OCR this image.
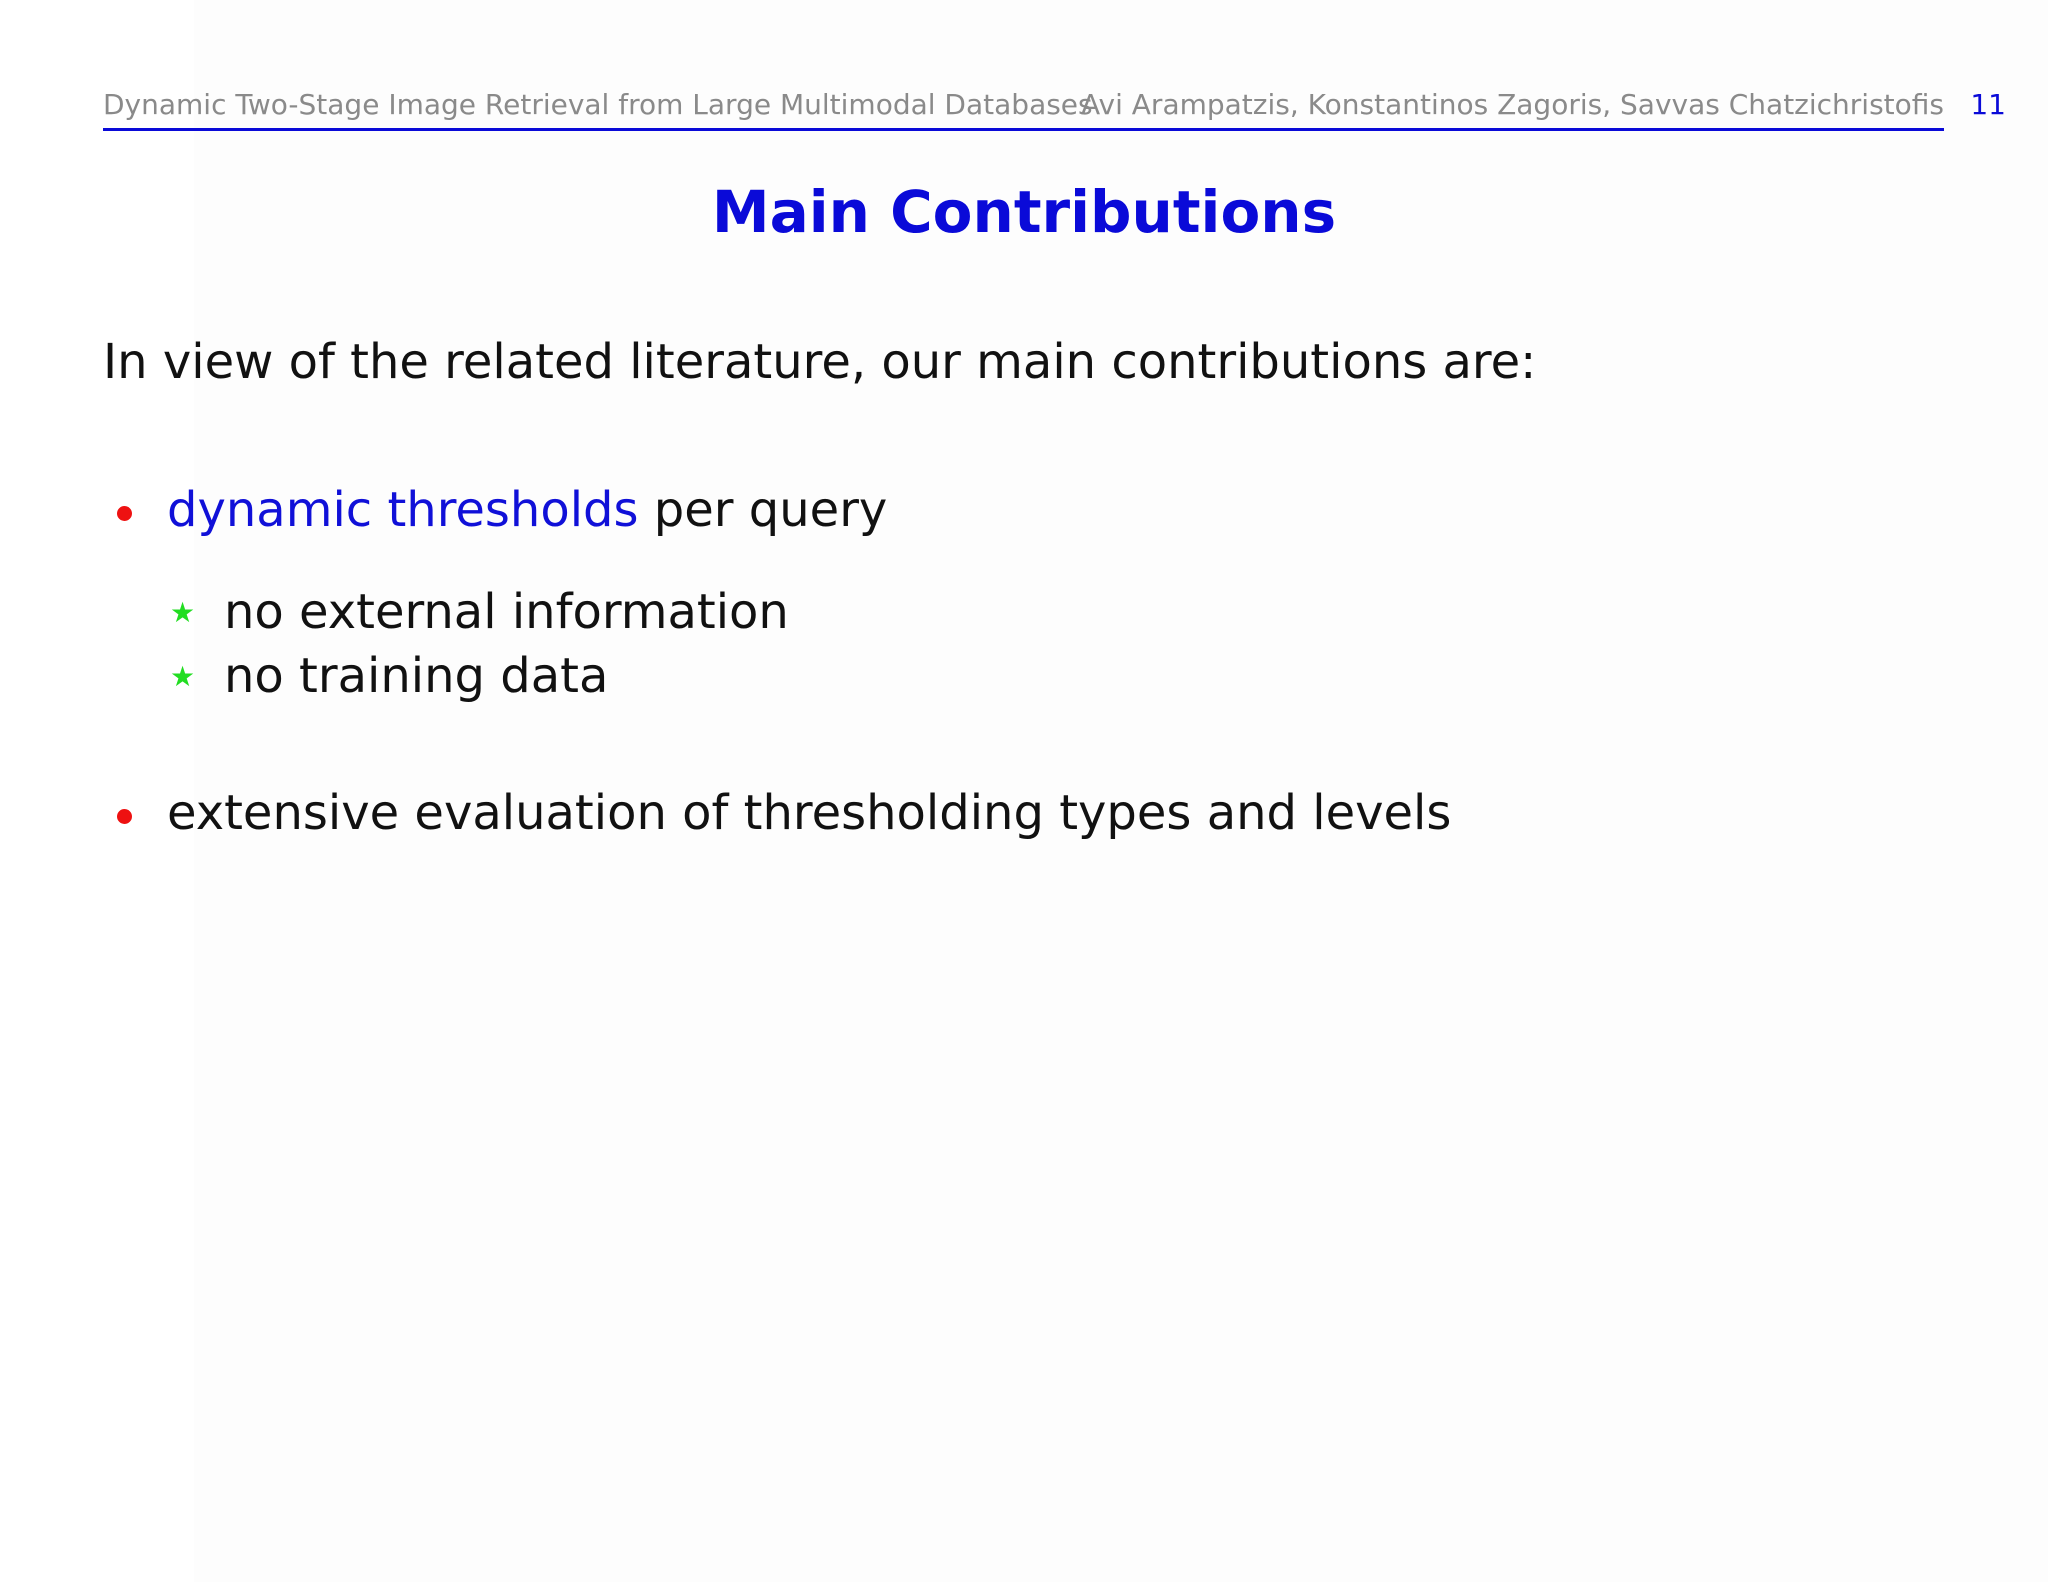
Dynamic Two-Stage Image Retrieval from Large Multimodal Databases
Avi Arampatzis, Konstantinos Zagoris, Savvas Chatzichristofis 11
Main Contributions
In view of the related literature, our main contributions are:
dynamic thresholds per query
★ no external information
★ no training data
extensive evaluation of thresholding types and levels
